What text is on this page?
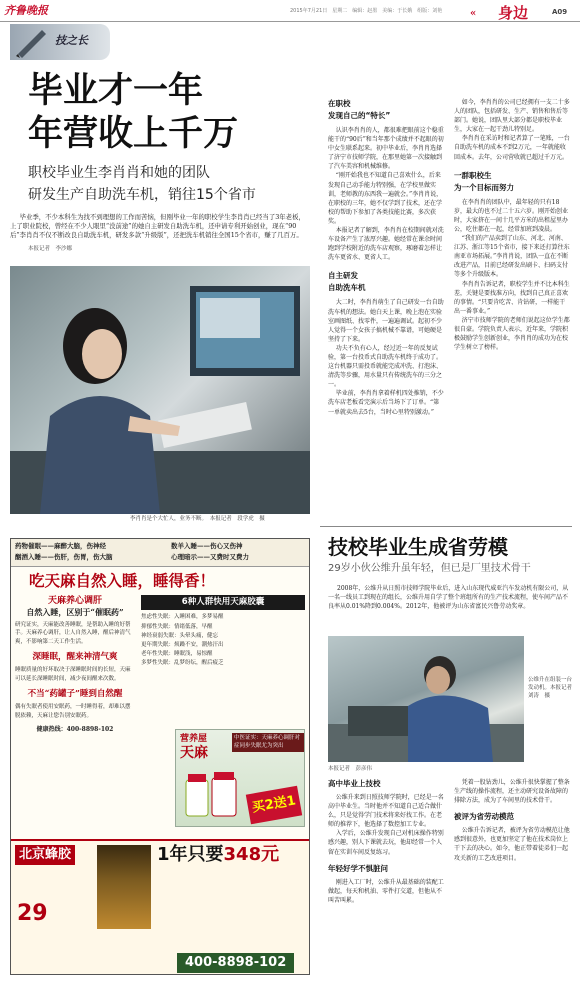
齐鲁晚报	2015年7月21日　星期二　编辑：赵墨　美编：于长娥　组版：刘艳	« 身边	A09
技之长
毕业才一年
年营收上千万
职校毕业生李肖肖和她的团队
研发生产自助洗车机，销往15个省市
毕业季，不少本科生为找不到理想的工作而苦恼，但刚毕业一年的职校学生李肖肖已经当了3年老板，上了职业院校，曾经在不少人眼里“没前途”的她自主研发自助洗车机，还申请专利开始创业，现在“90后”李肖肖不仅不断改良自助洗车机，研发多款“升级版”，还把洗车机销往全国15个省市，赚了几百万。
本报记者　李沙娜
李肖肖是个大忙人，业务不断。　本报记者　段学虎　摄
在职校
发现自己的“特长”

认识李肖肖的人，都很难把眼前这个稳重能干的“90后”和当年那个成绩并不起眼的初中女生联系起来。初中毕业后，李肖肖选择了济宁市技师学院，在那里她第一次接触到了汽车美容和机械维修。

“刚开始我也不知道自己喜欢什么，后来发现自己动手能力特别强，在学校里做实训，老师教的东西我一遍就会。”李肖肖说，在职校的三年，她不仅学到了技术，还在学校的帮助下参加了各类技能比赛，多次获奖。

本报记者了解到，李肖肖在校期间就对洗车设备产生了浓厚兴趣。她经常在课余时间跑到学校附近的洗车店观察，琢磨着怎样让洗车更省水、更省人工。

自主研发
自助洗车机

大二时，李肖肖萌生了自己研发一台自助洗车机的想法。她白天上课，晚上泡在实验室画图纸、找零件，一遍遍调试。起初不少人觉得一个女孩子搞机械不靠谱，可她硬是坚持了下来。

功夫不负有心人，经过近一年的反复试验，第一台投币式自助洗车机终于成功了。这台机器只需投币就能完成冲洗、打泡沫、清洗等步骤，用水量只有传统洗车的三分之一。

毕业前，李肖肖拿着样机四处推销，不少洗车店老板看完演示后当场下了订单。“第一单就卖出去5台，当时心里特别激动。”

如今，李肖肖的公司已经拥有一支二十多人的团队，包括研发、生产、销售和售后等部门。她说，团队里大部分都是职校毕业生，大家在一起干劲儿特别足。

李肖肖在采访时和记者算了一笔账，一台自助洗车机的成本不到2万元，一年就能收回成本。去年，公司营收就已超过千万元。

一群职校生
为一个目标而努力

在李肖肖的团队中，最年轻的只有18岁，最大的也不过二十五六岁。刚开始创业时，大家挤在一间十几平方米的出租屋里办公，吃住都在一起，经常加班到凌晨。

“我们的产品卖到了山东、河北、河南、江苏、浙江等15个省市，接下来还打算往东南亚市场拓展。”李肖肖说，团队一直在不断改进产品，目前已经研发出刷卡、扫码支付等多个升级版本。

李肖肖告诉记者，职校学生并不比本科生差，关键是要找准方向，找到自己真正喜欢的事情。“只要肯吃苦、肯钻研，一样能干出一番事业。”

济宁市技师学院的老师们说起这位学生都很自豪。学院负责人表示，近年来，学院积极鼓励学生创新创业，李肖肖的成功为在校学生树立了榜样。

药物催眠——麻醉大脑，伤神经
酗酒入睡——伤肝，伤胃，伤大脑
数羊入睡——伤心又伤神
心理暗示——又费时又费力
吃天麻自然入睡，睡得香！
天麻养心调肝
自然入睡，区别于“催眠药”

研究证实，天麻能改善睡眠，是帮助入睡的好帮手。天麻养心调肝，让人自然入睡，醒后神清气爽，不影响第二天工作生活。

深睡眠，醒来神清气爽

睡眠质量的好坏取决于深睡眠时间的长短，天麻可以延长深睡眠时间，减少夜间醒来次数。

不当“药罐子”睡到自然醒

偶有失眠者使用安眠药，一时睡得着，却难以摆脱依赖，天麻让您告别安眠药。

健康热线：400-8898-102
6种人群快用天麻胶囊
焦虑性失眠：入睡困难，多梦易醒
抑郁性失眠：情绪低落，早醒
神经衰弱失眠：头晕头痛，健忘
更年期失眠：烦躁不安，潮热汗出
老年性失眠：睡眠浅，易惊醒
多梦性失眠：乱梦纷纭，醒后疲乏
营养屋
天麻
中医证实：天麻养心调肝对症同步失眠尤为突出
买2送1
北京蜂胶	1年只要348元
29
400-8898-102
技校毕业生成省劳模
29岁小伙公维升虽年轻，但已是厂里技术骨干
2008年，公维升从日照市技师学院毕业后，进入山东现代威亚汽车发动机有限公司，从一名一线员工到现在的组长，公维升用自学了整个班组所有的生产技术流程，使车间产品不良率从0.01%降到0.004%。2012年，他被评为山东省富民兴鲁劳动奖章。
公维升在组装一台发动机。本报记者　刘涛　摄
本报记者　彭彦伟
高中毕业上技校

公维升来到日照技师学院时，已经是一名高中毕业生。当时他并不知道自己适合做什么，只是觉得学门技术将来好找工作。在老师的推荐下，他选择了数控加工专业。

入学后，公维升发现自己对机床操作特别感兴趣，别人下课就去玩，他却经常一个人留在实训车间反复练习。

年轻好学不惧脏问

刚进入工厂时，公维升从最基础的装配工做起，每天和机油、零件打交道，但他从不叫苦叫累。

凭着一股钻劲儿，公维升很快掌握了整条生产线的操作流程，还主动研究设备故障的排除方法，成为了车间里的技术骨干。

被评为省劳动模范

公维升告诉记者，被评为省劳动模范让他感到很意外，也更加坚定了他在技术岗位上干下去的决心。如今，他正带着徒弟们一起攻关新的工艺改进项目。
